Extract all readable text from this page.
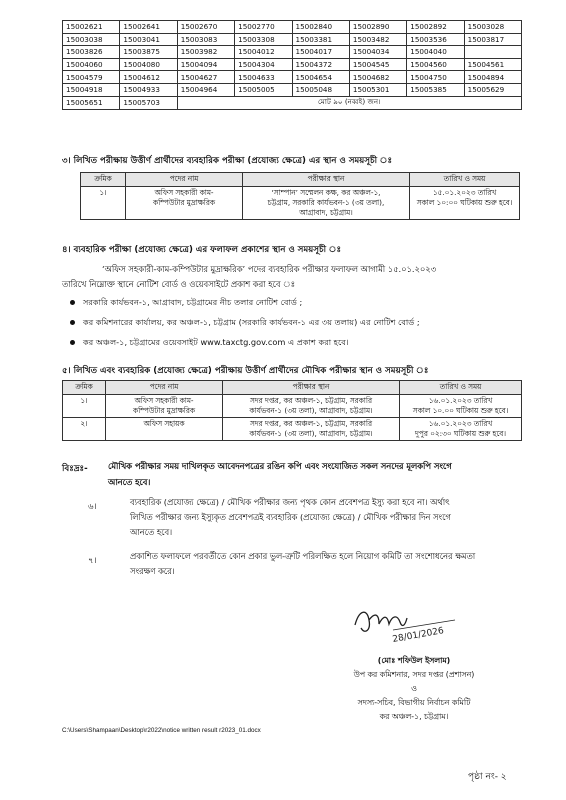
15002621	15002641	15002670	15002770	15002840	15002890	15002892	15003028
15003038	15003041	15003083	15003308	15003381	15003482	15003536	15003817
15003826	15003875	15003982	15004012	15004017	15004034	15004040	
15004060	15004080	15004094	15004304	15004372	15004545	15004560	15004561
15004579	15004612	15004627	15004633	15004654	15004682	15004750	15004894
15004918	15004933	15004964	15005005	15005048	15005301	15005385	15005629
15005651	15005703	মোট ৯০ (নব্বই) জন।					
৩। লিখিত পরীক্ষায় উত্তীর্ণ প্রার্থীদের ব্যবহারিক পরীক্ষা (প্রযোজ্য ক্ষেত্রে) এর স্থান ও সময়সূচী ঃ
ক্রমিক	পদের নাম	পরীক্ষার স্থান	তারিখ ও সময়
১।	অফিস সহকারী কাম-
কম্পিউটার মুদ্রাক্ষরিক	‘সাম্পান’ সম্মেলন কক্ষ, কর অঞ্চল-১,
চট্টগ্রাম, সরকারি কার্যভবন-১ (৩য় তলা),
আগ্রাবাদ, চট্টগ্রাম।	১৫.০১.২০২৩ তারিখ
সকাল ১০:০০ ঘটিকায় শুরু হবে।
৪। ব্যবহারিক পরীক্ষা (প্রযোজ্য ক্ষেত্রে) এর ফলাফল প্রকাশের স্থান ও সময়সূচী ঃ
‘অফিস সহকারী-কাম-কম্পিউটার মুদ্রাক্ষরিক’ পদের ব্যবহারিক পরীক্ষার ফলাফল আগামী ১৫.০১.২০২৩
তারিখে নিম্নোক্ত স্থানে নোটিশ বোর্ড ও ওয়েবসাইটে প্রকাশ করা হবে ঃ
সরকারি কার্যভবন-১, আগ্রাবাদ, চট্টগ্রামের নীচ তলার নোটিশ বোর্ড ;
কর কমিশনারের কার্যালয়, কর অঞ্চল-১, চট্টগ্রাম (সরকারি কার্যভবন-১ এর ৩য় তলায়) এর নোটিশ বোর্ড ;
কর অঞ্চল-১, চট্টগ্রামের ওয়েবসাইট www.taxctg.gov.com এ প্রকাশ করা হবে।
৫। লিখিত এবং ব্যবহারিক (প্রযোজ্য ক্ষেত্রে) পরীক্ষায় উত্তীর্ণ প্রার্থীদের মৌখিক পরীক্ষার স্থান ও সময়সূচী ঃ
ক্রমিক	পদের নাম	পরীক্ষার স্থান	তারিখ ও সময়
১।	অফিস সহকারী কাম-
কম্পিউটার মুদ্রাক্ষরিক	সদর দপ্তর, কর অঞ্চল-১, চট্টগ্রাম, সরকারি
কার্যভবন-১ (৩য় তলা), আগ্রাবাদ, চট্টগ্রাম।	১৬.০১.২০২৩ তারিখ
সকাল ১০.০০ ঘটিকায় শুরু হবে।
২।	অফিস সহায়ক	সদর দপ্তর, কর অঞ্চল-১, চট্টগ্রাম, সরকারি
কার্যভবন-১ (৩য় তলা), আগ্রাবাদ, চট্টগ্রাম।	১৬.০১.২০২৩ তারিখ
দুপুর ০২:৩০ ঘটিকায় শুরু হবে।
বিঃদ্রঃ- মৌখিক পরীক্ষার সময় দাখিলকৃত আবেদনপত্রের রঙিন কপি এবং সংযোজিত সকল সনদের মূলকপি সংগে
আনতে হবে।
৬।	ব্যবহারিক (প্রযোজ্য ক্ষেত্রে) / মৌখিক পরীক্ষার জন্য পৃথক কোন প্রবেশপত্র ইস্যু করা হবে না। অর্থাৎ
লিখিত পরীক্ষার জন্য ইস্যুকৃত প্রবেশপত্রই ব্যবহারিক (প্রযোজ্য ক্ষেত্রে) / মৌখিক পরীক্ষার দিন সংগে
আনতে হবে।
৭।	প্রকাশিত ফলাফলে পরবর্তীতে কোন প্রকার ভুল-ত্রুটি পরিলক্ষিত হলে নিয়োগ কমিটি তা সংশোধনের ক্ষমতা
সংরক্ষণ করে।
28/01/2026
(মোঃ শফিউল ইসলাম)
উপ কর কমিশনার, সদর দপ্তর (প্রশাসন)
ও
সদস্য-সচিব, বিভাগীয় নির্বাচন কমিটি
কর অঞ্চল-১, চট্টগ্রাম।
C:\Users\Shampaan\Desktop\r2022\notice written result r2023_01.docx
পৃষ্ঠা নং- ২
